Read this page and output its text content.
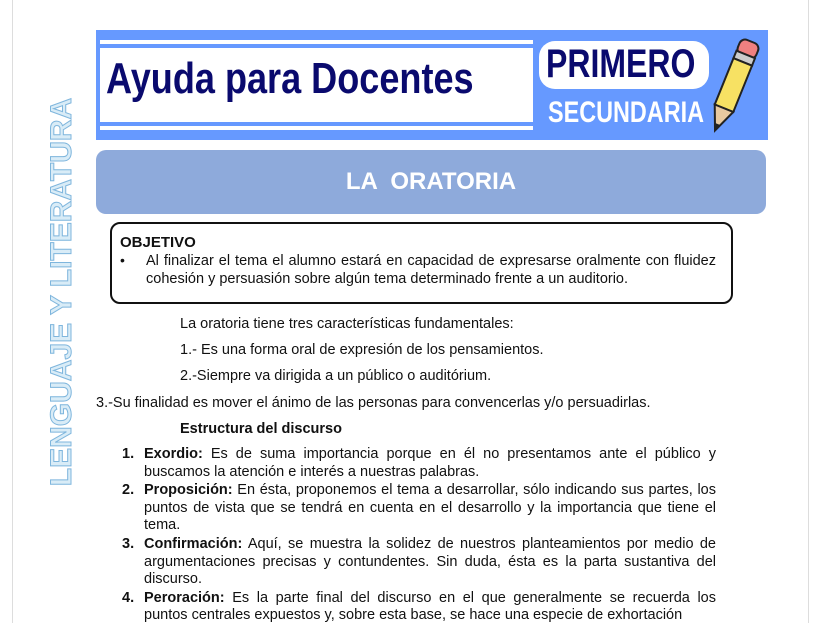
Ayuda para Docentes PRIMERO
SECUNDARIA
LA  ORATORIA
LENGUAJE Y LITERATURA	OBJETIVO
• Al finalizar el tema el alumno estará en capacidad de expresarse oralmente con fluidez cohesión y persuasión sobre algún tema determinado frente a un auditorio.
La oratoria tiene tres características fundamentales:
1.- Es una forma oral de expresión de los pensamientos.
2.-Siempre va dirigida a un público o auditórium.
3.-Su finalidad es mover el ánimo de las personas para convencerlas y/o persuadirlas.
Estructura del discurso
1. Exordio: Es de suma importancia porque en él no presentamos ante el público y buscamos la atención e interés a nuestras palabras.
2. Proposición: En ésta, proponemos el tema a desarrollar, sólo indicando sus partes, los puntos de vista que se tendrá en cuenta en el desarrollo y la importancia que tiene el tema.
3. Confirmación: Aquí, se muestra la solidez de nuestros planteamientos por medio de argumentaciones precisas y contundentes. Sin duda, ésta es la parta sustantiva del discurso.
4. Peroración: Es la parte final del discurso en el que generalmente se recuerda los puntos centrales expuestos y, sobre esta base, se hace una especie de exhortación
